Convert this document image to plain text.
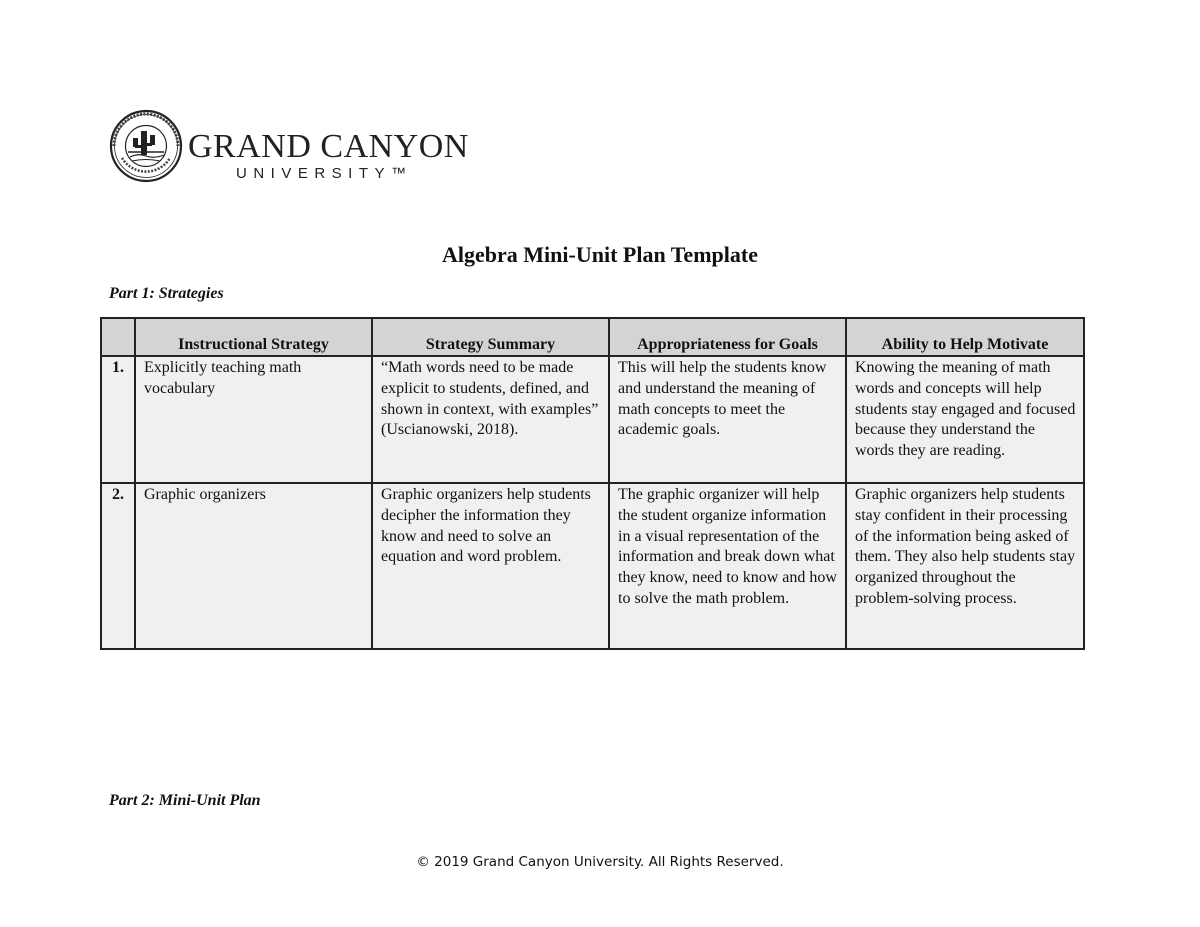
GRAND CANYON
UNIVERSITY™
Algebra Mini-Unit Plan Template
Part 1: Strategies
	Instructional Strategy	Strategy Summary	Appropriateness for Goals	Ability to Help Motivate
1.	Explicitly teaching math vocabulary	“Math words need to be made explicit to students, defined, and shown in context, with examples” (Uscianowski, 2018).	This will help the students know and understand the meaning of math concepts to meet the academic goals.	Knowing the meaning of math words and concepts will help students stay engaged and focused because they understand the words they are reading.
2.	Graphic organizers	Graphic organizers help students decipher the information they know and need to solve an equation and word problem.	The graphic organizer will help the student organize information in a visual representation of the information and break down what they know, need to know and how to solve the math problem.	Graphic organizers help students stay confident in their processing of the information being asked of them. They also help students stay organized throughout the problem-solving process.
Part 2: Mini-Unit Plan
© 2019 Grand Canyon University. All Rights Reserved.
